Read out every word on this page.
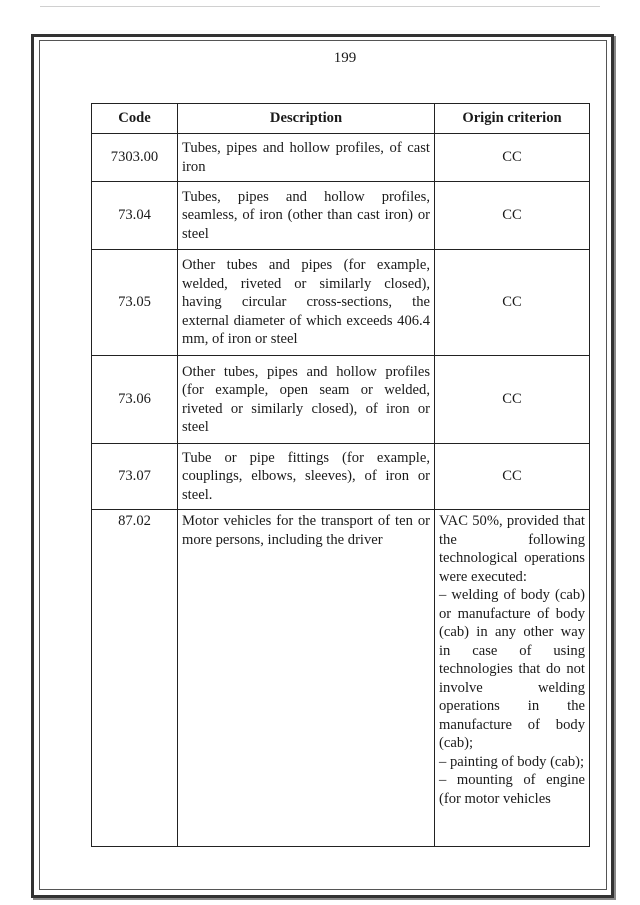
199
Code	Description	Origin criterion
7303.00	Tubes, pipes and hollow profiles, of cast iron	CC
73.04	Tubes, pipes and hollow profiles, seamless, of iron (other than cast iron) or steel	CC
73.05	Other tubes and pipes (for example, welded, riveted or similarly closed), having circular cross-sections, the external diameter of which exceeds 406.4 mm, of iron or steel	CC
73.06	Other tubes, pipes and hollow profiles (for example, open seam or welded, riveted or similarly closed), of iron or steel	CC
73.07	Tube or pipe fittings (for example, couplings, elbows, sleeves), of iron or steel.	CC
87.02	Motor vehicles for the transport of ten or more persons, including the driver	VAC 50%, provided that the following technological operations were executed:
– welding of body (cab) or manufacture of body (cab) in any other way in case of using technologies that do not involve welding operations in the manufacture of body (cab);
– painting of body (cab);
– mounting of engine (for motor vehicles
